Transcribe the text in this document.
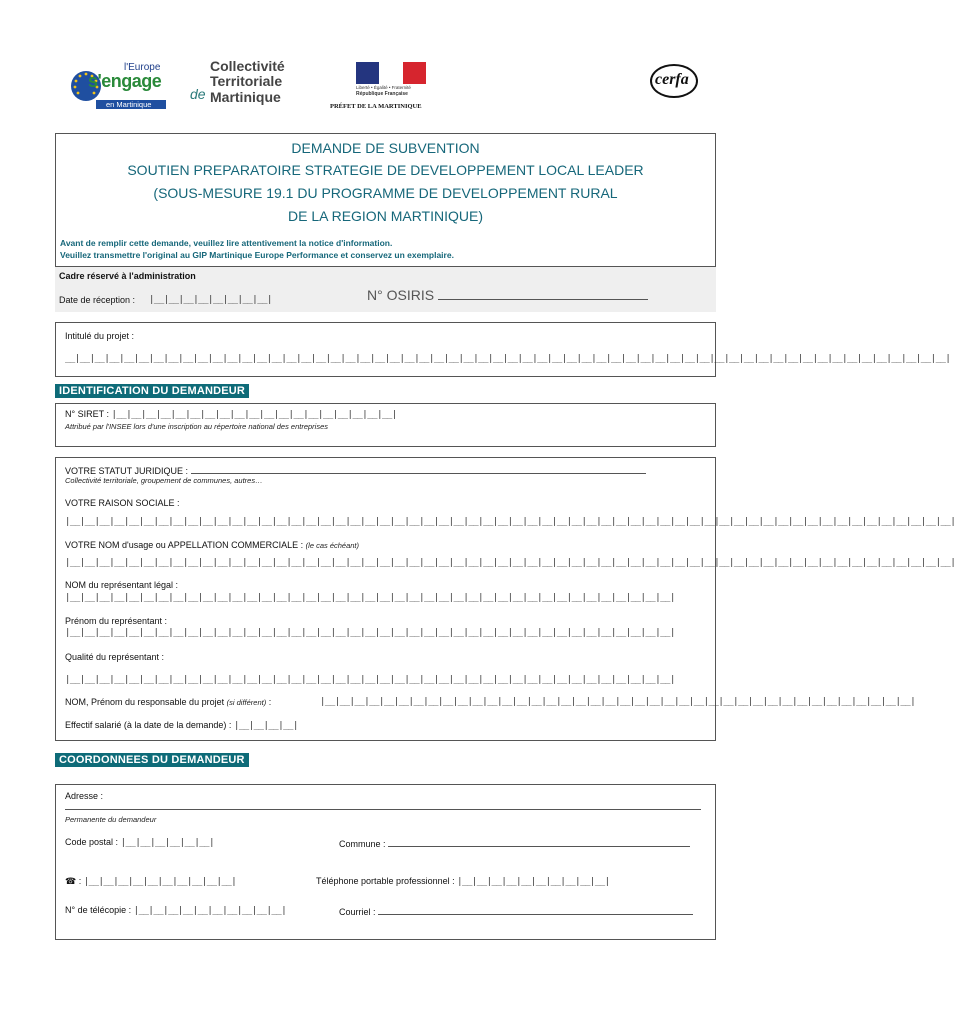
l'Europe
s'engage
en Martinique
Collectivité
Territoriale
de Martinique
Liberté • Égalité • Fraternité
République Française
PRÉFET DE LA MARTINIQUE
cerfa
DEMANDE DE SUBVENTION
SOUTIEN PREPARATOIRE STRATEGIE DE DEVELOPPEMENT LOCAL LEADER
(SOUS-MESURE 19.1 DU PROGRAMME DE DEVELOPPEMENT RURAL
DE LA REGION MARTINIQUE)
Avant de remplir cette demande, veuillez lire attentivement la notice d'information.
Veuillez transmettre l'original au GIP Martinique Europe Performance et conservez un exemplaire.
Cadre réservé à l'administration
Date de réception : |__|__|__|__|__|__|__|__|	N° OSIRIS
Intitulé du projet :
__|__|__|__|__|__|__|__|__|__|__|__|__|__|__|__|__|__|__|__|__|__|__|__|__|__|__|__|__|__|__|__|__|__|__|__|__|__|__|__|__|__|__|__|__|__|__|__|__|__|__|__|__|__|__|__|__|__|__|__|
IDENTIFICATION DU DEMANDEUR
N° SIRET : |__|__|__|__|__|__|__|__|__|__|__|__|__|__|__|__|__|__|__|
Attribué par l'INSEE lors d'une inscription au répertoire national des entreprises
VOTRE STATUT JURIDIQUE :
Collectivité territoriale, groupement de communes, autres…
VOTRE RAISON SOCIALE :
|__|__|__|__|__|__|__|__|__|__|__|__|__|__|__|__|__|__|__|__|__|__|__|__|__|__|__|__|__|__|__|__|__|__|__|__|__|__|__|__|__|__|__|__|__|__|__|__|__|__|__|__|__|__|__|__|__|__|__|__|
VOTRE NOM d'usage ou APPELLATION COMMERCIALE : (le cas échéant)
|__|__|__|__|__|__|__|__|__|__|__|__|__|__|__|__|__|__|__|__|__|__|__|__|__|__|__|__|__|__|__|__|__|__|__|__|__|__|__|__|__|__|__|__|__|__|__|__|__|__|__|__|__|__|__|__|__|__|__|__|
NOM du représentant légal :
|__|__|__|__|__|__|__|__|__|__|__|__|__|__|__|__|__|__|__|__|__|__|__|__|__|__|__|__|__|__|__|__|__|__|__|__|__|__|__|__|__|
Prénom du représentant :
|__|__|__|__|__|__|__|__|__|__|__|__|__|__|__|__|__|__|__|__|__|__|__|__|__|__|__|__|__|__|__|__|__|__|__|__|__|__|__|__|__|
Qualité du représentant :
|__|__|__|__|__|__|__|__|__|__|__|__|__|__|__|__|__|__|__|__|__|__|__|__|__|__|__|__|__|__|__|__|__|__|__|__|__|__|__|__|__|
NOM, Prénom du responsable du projet (si différent) :	|__|__|__|__|__|__|__|__|__|__|__|__|__|__|__|__|__|__|__|__|__|__|__|__|__|__|__|__|__|__|__|__|__|__|__|__|__|__|__|__|
Effectif salarié (à la date de la demande) : |__|__|__|__|
COORDONNEES DU DEMANDEUR
Adresse :
Permanente du demandeur
Code postal : |__|__|__|__|__|__|	Commune :
☎ : |__|__|__|__|__|__|__|__|__|__|	Téléphone portable professionnel : |__|__|__|__|__|__|__|__|__|__|
N° de télécopie : |__|__|__|__|__|__|__|__|__|__|	Courriel :
